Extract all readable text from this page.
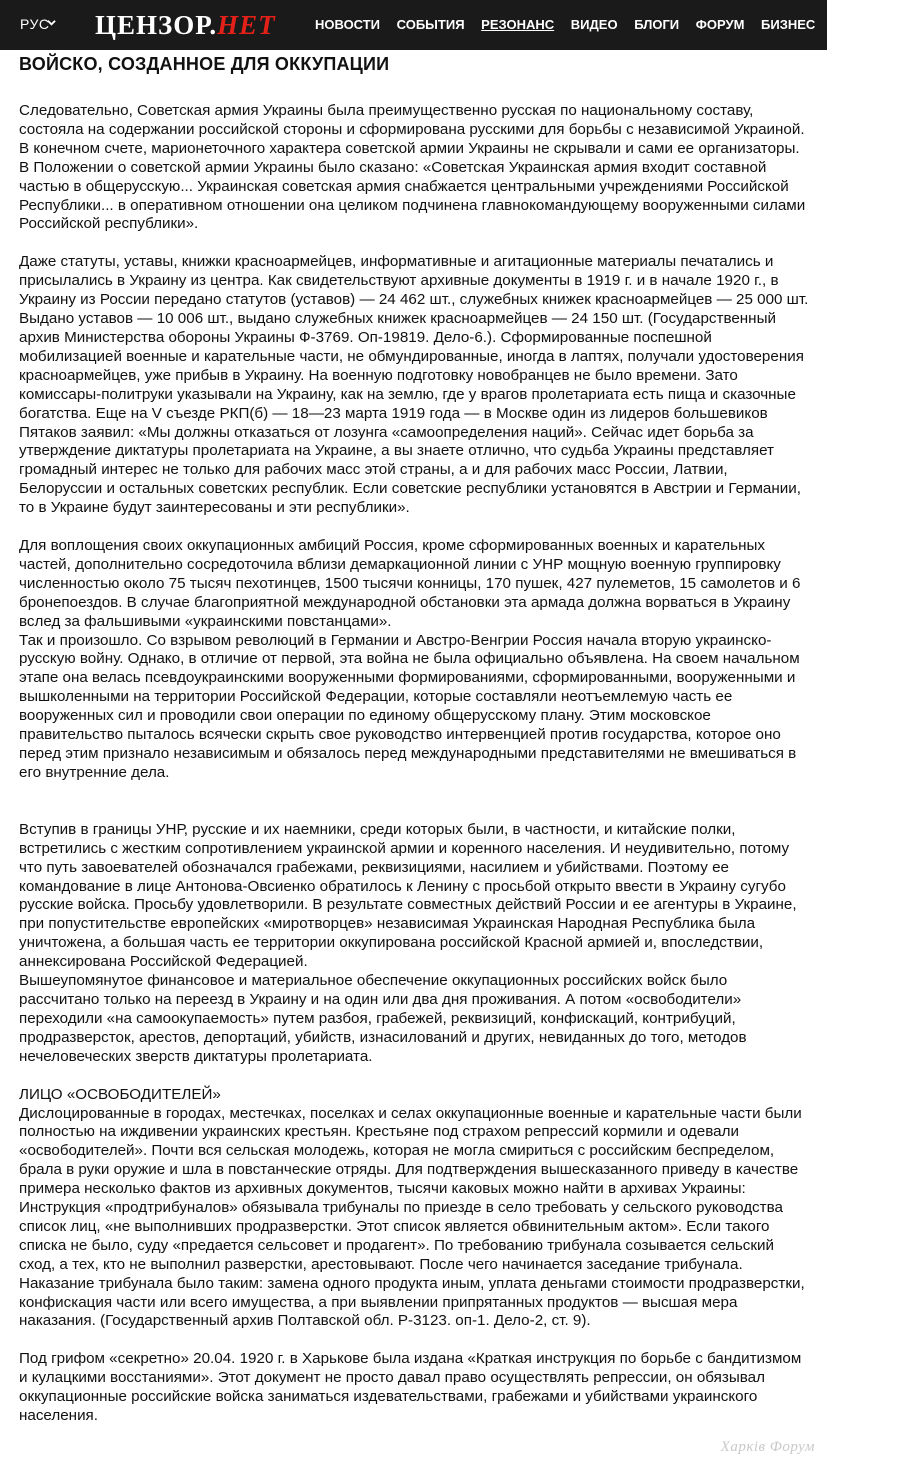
РУС ЦЕНЗОР.НЕТ	НОВОСТИ СОБЫТИЯ РЕЗОНАНС ВИДЕО БЛОГИ ФОРУМ БИЗНЕС ПУБЛИКА
ВОЙСКО, СОЗДАННОЕ ДЛЯ ОККУПАЦИИ

Следовательно, Советская армия Украины была преимущественно русская по национальному составу, состояла на содержании российской стороны и сформирована русскими для борьбы с независимой Украиной. В конечном счете, марионеточного характера советской армии Украины не скрывали и сами ее организаторы. В Положении о советской армии Украины было сказано: «Советская Украинская армия входит составной частью в общерусскую... Украинская советская армия снабжается центральными учреждениями Российской Республики... в оперативном отношении она целиком подчинена главнокомандующему вооруженными силами Российской республики».

Даже статуты, уставы, книжки красноармейцев, информативные и агитационные материалы печатались и присылались в Украину из центра. Как свидетельствуют архивные документы в 1919 г. и в начале 1920 г., в Украину из России передано статутов (уставов) — 24 462 шт., служебных книжек красноармейцев — 25 000 шт. Выдано уставов — 10 006 шт., выдано служебных книжек красноармейцев — 24 150 шт. (Государственный архив Министерства обороны Украины Ф-3769. Оп-19819. Дело-6.). Сформированные поспешной мобилизацией военные и карательные части, не обмундированные, иногда в лаптях, получали удостоверения красноармейцев, уже прибыв в Украину. На военную подготовку новобранцев не было времени. Зато комиссары-политруки указывали на Украину, как на землю, где у врагов пролетариата есть пища и сказочные богатства. Еще на V съезде РКП(б) — 18—23 марта 1919 года — в Москве один из лидеров большевиков Пятаков заявил: «Мы должны отказаться от лозунга «самоопределения наций». Сейчас идет борьба за утверждение диктатуры пролетариата на Украине, а вы знаете отлично, что судьба Украины представляет громадный интерес не только для рабочих масс этой страны, а и для рабочих масс России, Латвии, Белоруссии и остальных советских республик. Если советские республики установятся в Австрии и Германии, то в Украине будут заинтересованы и эти республики».

Для воплощения своих оккупационных амбиций Россия, кроме сформированных военных и карательных частей, дополнительно сосредоточила вблизи демаркационной линии с УНР мощную военную группировку численностью около 75 тысяч пехотинцев, 1500 тысячи конницы, 170 пушек, 427 пулеметов, 15 самолетов и 6 бронепоездов. В случае благоприятной международной обстановки эта армада должна ворваться в Украину вслед за фальшивыми «украинскими повстанцами».
Так и произошло. Со взрывом революций в Германии и Австро-Венгрии Россия начала вторую украинско-русскую войну. Однако, в отличие от первой, эта война не была официально объявлена. На своем начальном этапе она велась псевдоукраинскими вооруженными формированиями, сформированными, вооруженными и вышколенными на территории Российской Федерации, которые составляли неотъемлемую часть ее вооруженных сил и проводили свои операции по единому общерусскому плану. Этим московское правительство пыталось всячески скрыть свое руководство интервенцией против государства, которое оно перед этим признало независимым и обязалось перед международными представителями не вмешиваться в его внутренние дела.

Вступив в границы УНР, русские и их наемники, среди которых были, в частности, и китайские полки, встретились с жестким сопротивлением украинской армии и коренного населения. И неудивительно, потому что путь завоевателей обозначался грабежами, реквизициями, насилием и убийствами. Поэтому ее командование в лице Антонова-Овсиенко обратилось к Ленину с просьбой открыто ввести в Украину сугубо русские войска. Просьбу удовлетворили. В результате совместных действий России и ее агентуры в Украине, при попустительстве европейских «миротворцев» независимая Украинская Народная Республика была уничтожена, а большая часть ее территории оккупирована российской Красной армией и, впоследствии, аннексирована Российской Федерацией.
Вышеупомянутое финансовое и материальное обеспечение оккупационных российских войск было рассчитано только на переезд в Украину и на один или два дня проживания. А потом «освободители» переходили «на самоокупаемость» путем разбоя, грабежей, реквизиций, конфискаций, контрибуций, продразверсток, арестов, депортаций, убийств, изнасилований и других, невиданных до того, методов нечеловеческих зверств диктатуры пролетариата.

ЛИЦО «ОСВОБОДИТЕЛЕЙ»
Дислоцированные в городах, местечках, поселках и селах оккупационные военные и карательные части были полностью на иждивении украинских крестьян. Крестьяне под страхом репрессий кормили и одевали «освободителей». Почти вся сельская молодежь, которая не могла смириться с российским беспределом, брала в руки оружие и шла в повстанческие отряды. Для подтверждения вышесказанного приведу в качестве примера несколько фактов из архивных документов, тысячи каковых можно найти в архивах Украины: Инструкция «продтрибуналов» обязывала трибуналы по приезде в село требовать у сельского руководства список лиц, «не выполнивших продразверстки. Этот список является обвинительным актом». Если такого списка не было, суду «предается сельсовет и продагент». По требованию трибунала созывается сельский сход, а тех, кто не выполнил разверстки, арестовывают. После чего начинается заседание трибунала. Наказание трибунала было таким: замена одного продукта иным, уплата деньгами стоимости продразверстки, конфискация части или всего имущества, а при выявлении припрятанных продуктов — высшая мера наказания. (Государственный архив Полтавской обл. Р-3123. оп-1. Дело-2, ст. 9).

Под грифом «секретно» 20.04. 1920 г. в Харькове была издана «Краткая инструкция по борьбе с бандитизмом и кулацкими восстаниями». Этот документ не просто давал право осуществлять репрессии, он обязывал оккупационные российские войска заниматься издевательствами, грабежами и убийствами украинского населения.

Харків Форум
